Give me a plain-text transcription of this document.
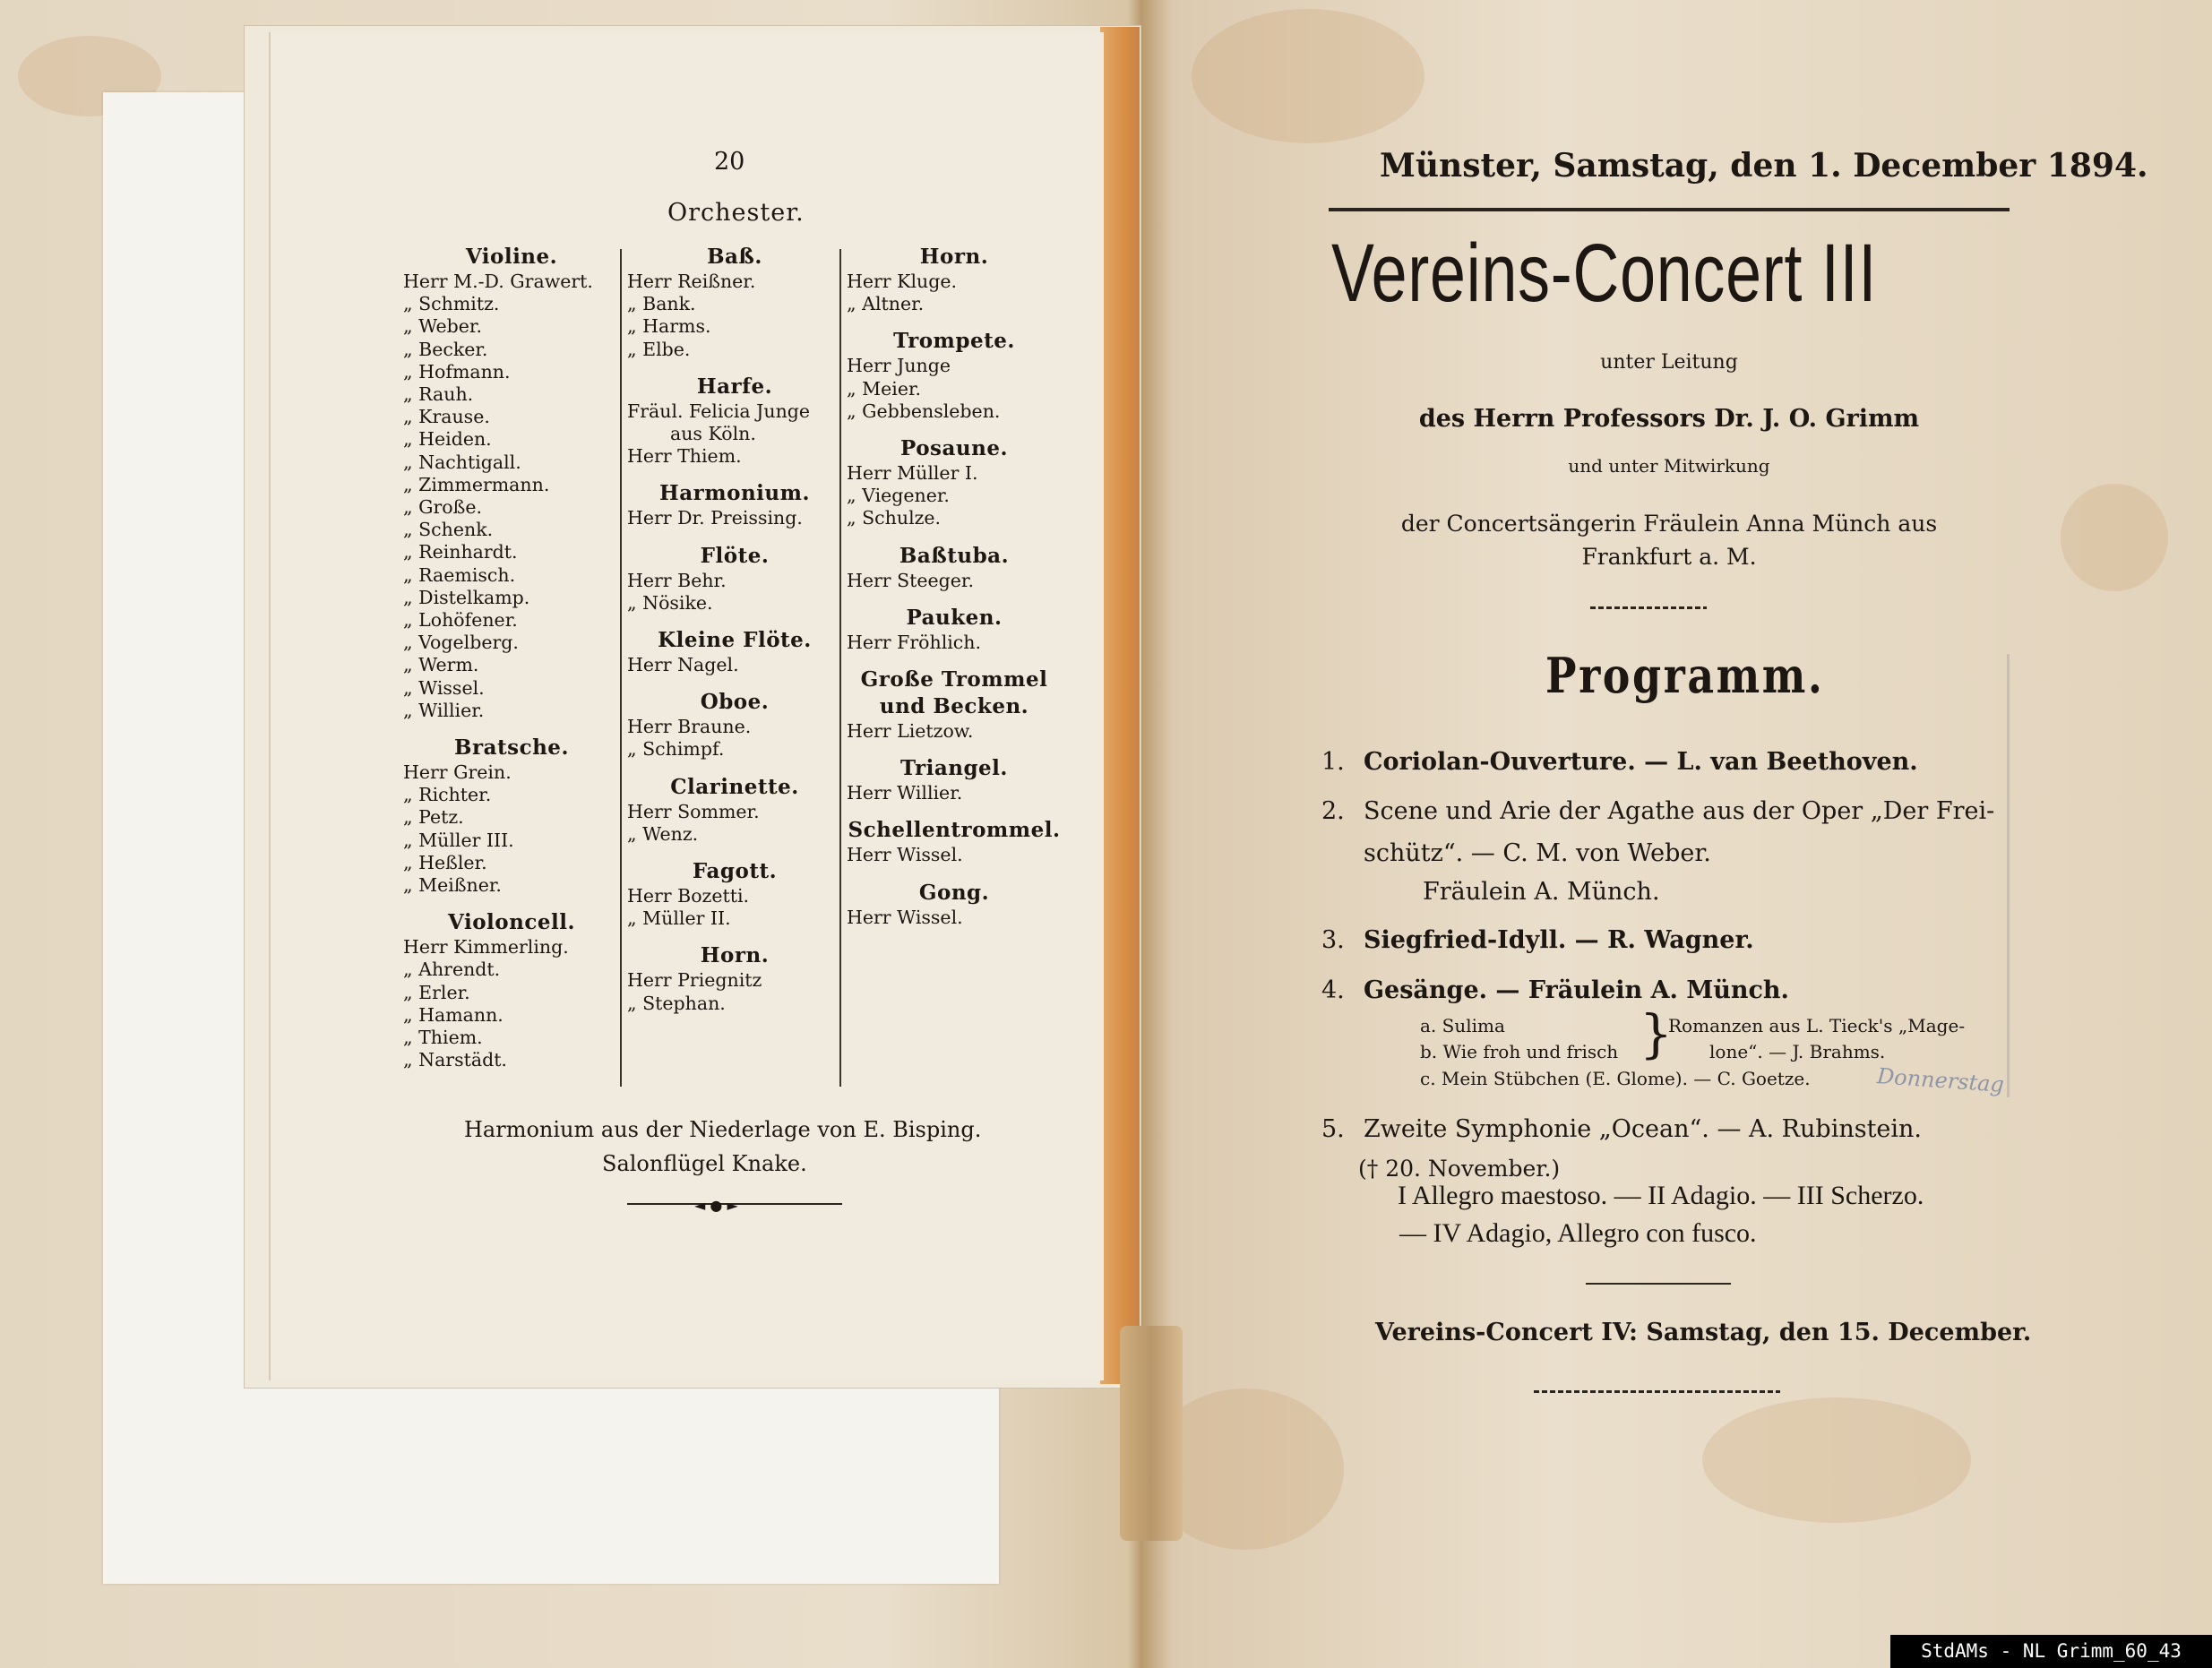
20
Orchester.
Violine.
Herr M.-D. Grawert.
„ Schmitz.
„ Weber.
„ Becker.
„ Hofmann.
„ Rauh.
„ Krause.
„ Heiden.
„ Nachtigall.
„ Zimmermann.
„ Große.
„ Schenk.
„ Reinhardt.
„ Raemisch.
„ Distelkamp.
„ Lohöfener.
„ Vogelberg.
„ Werm.
„ Wissel.
„ Willier.
Bratsche.
Herr Grein.
„ Richter.
„ Petz.
„ Müller III.
„ Heßler.
„ Meißner.
Violoncell.
Herr Kimmerling.
„ Ahrendt.
„ Erler.
„ Hamann.
„ Thiem.
„ Narstädt.
Baß.
Herr Reißner.
„ Bank.
„ Harms.
„ Elbe.
Harfe.
Fräul. Felicia Junge
aus Köln.
Herr Thiem.
Harmonium.
Herr Dr. Preissing.
Flöte.
Herr Behr.
„ Nösike.
Kleine Flöte.
Herr Nagel.
Oboe.
Herr Braune.
„ Schimpf.
Clarinette.
Herr Sommer.
„ Wenz.
Fagott.
Herr Bozetti.
„ Müller II.
Horn.
Herr Priegnitz
„ Stephan.
Horn.
Herr Kluge.
„ Altner.
Trompete.
Herr Junge
„ Meier.
„ Gebbensleben.
Posaune.
Herr Müller I.
„ Viegener.
„ Schulze.
Baßtuba.
Herr Steeger.
Pauken.
Herr Fröhlich.
Große Trommel und Becken.
Herr Lietzow.
Triangel.
Herr Willier.
Schellentrommel.
Herr Wissel.
Gong.
Herr Wissel.
Harmonium aus der Niederlage von E. Bisping.
Salonflügel Knake.
◄ ● ►
Münster, Samstag, den 1. December 1894.
Vereins-Concert III
unter Leitung
des Herrn Professors Dr. J. O. Grimm
und unter Mitwirkung
der Concertsängerin Fräulein Anna Münch aus
Frankfurt a. M.
Programm.
1. Coriolan-Ouverture. — L. van Beethoven.
2. Scene und Arie der Agathe aus der Oper „Der Frei-
schütz“. — C. M. von Weber.
Fräulein A. Münch.
3. Siegfried-Idyll. — R. Wagner.
4. Gesänge. — Fräulein A. Münch.
a. Sulima
b. Wie froh und frisch }
Romanzen aus L. Tieck's „Mage-
lone“. — J. Brahms.
c. Mein Stübchen (E. Glome). — C. Goetze.	Donnerstag
5. Zweite Symphonie „Ocean“. — A. Rubinstein.
(† 20. November.)
I Allegro maestoso. — II Adagio. — III Scherzo.
— IV Adagio, Allegro con fusco.
Vereins-Concert IV: Samstag, den 15. December.
StdAMs - NL Grimm_60_43
